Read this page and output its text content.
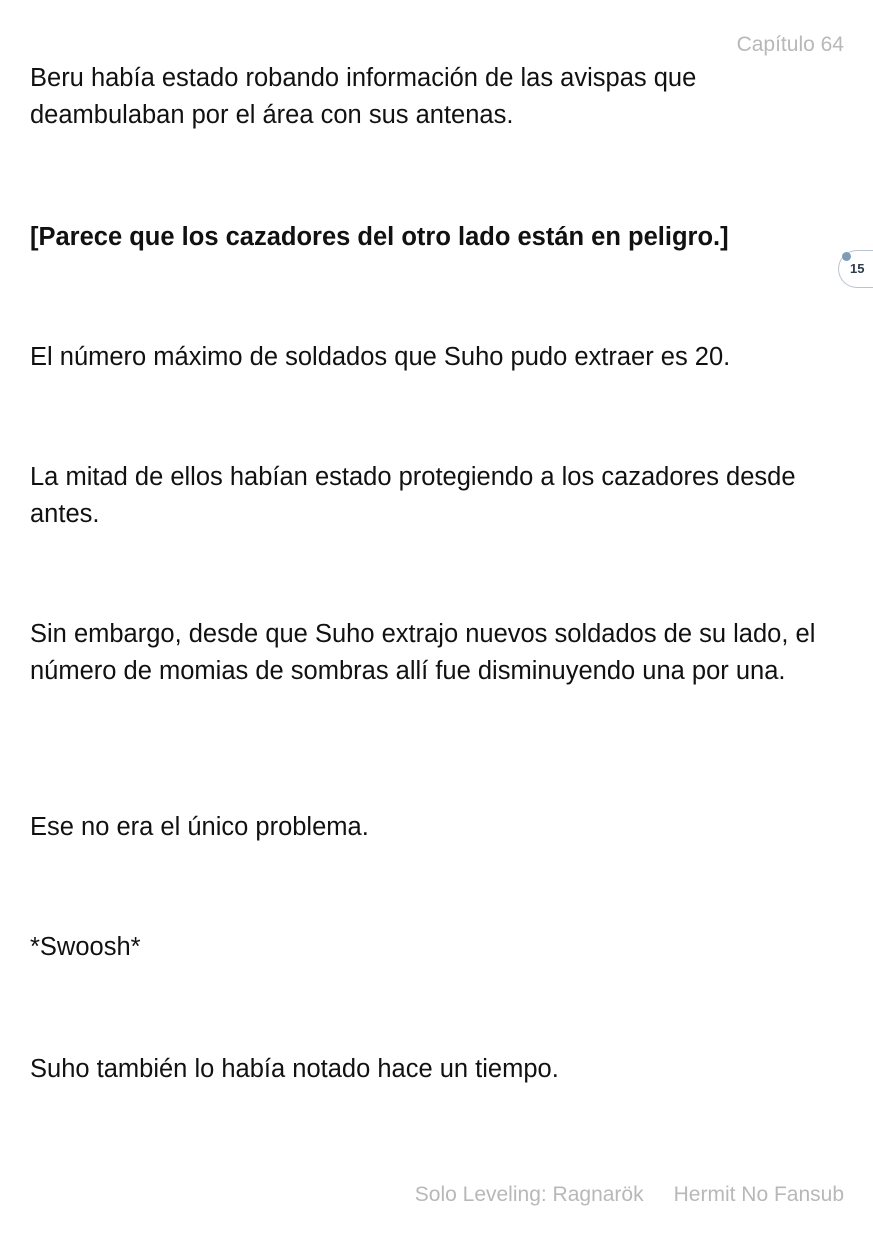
Capítulo 64

Beru había estado robando información de las avispas que deambulaban por el área con sus antenas.

[Parece que los cazadores del otro lado están en peligro.]

El número máximo de soldados que Suho pudo extraer es 20.

La mitad de ellos habían estado protegiendo a los cazadores desde antes.

Sin embargo, desde que Suho extrajo nuevos soldados de su lado, el número de momias de sombras allí fue disminuyendo una por una.

Ese no era el único problema.

*Swoosh*

Suho también lo había notado hace un tiempo.

15
Solo Leveling: Ragnarök Hermit No Fansub
